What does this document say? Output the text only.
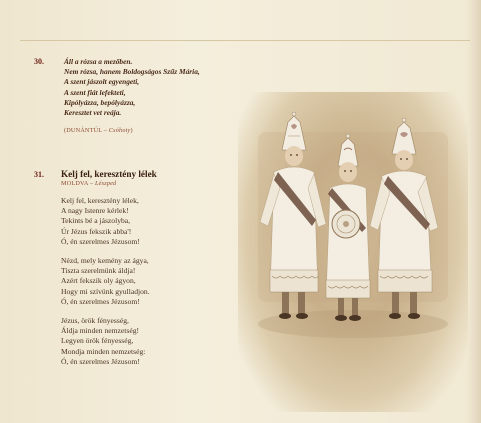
30.	Áll a rózsa a mezőben.
Nem rózsa, hanem Boldogságos Szűz Mária,
A szent jászolt egyengeti,
A szent fiát lefekteti,
Kipólyázza, bepólyázza,
Keresztet vet reája.
(DUNÁNTÚL – Csóhoty)
31. Kelj fel, keresztény lélek
MOLDVA – Lészped
Kelj fel, keresztény lélek,
A nagy Istenre kérlek!
Tekints bé a jászolyba,
Úr Jézus fekszik abba'!
Ó, én szerelmes Jézusom!
Nézd, mely kemény az ágya,
Tiszta szerelmünk áldja!
Azért fekszik oly ágyon,
Hogy mi szívünk gyulladjon.
Ó, én szerelmes Jézusom!
Jézus, örök fényesség,
Áldja minden nemzetség!
Legyen örök fényesség,
Mondja minden nemzetség:
Ó, én szerelmes Jézusom!
